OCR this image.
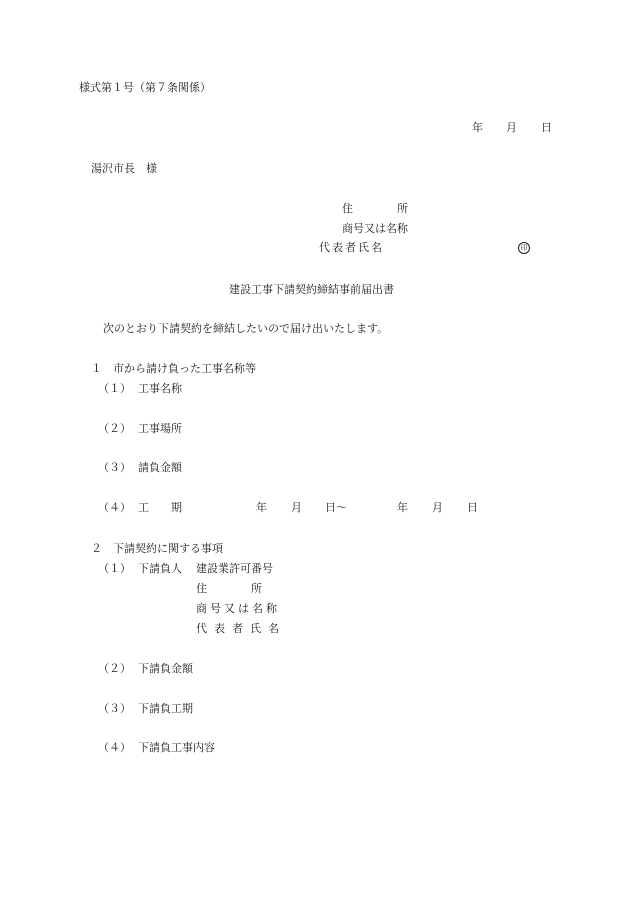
様式第１号（第７条関係）
年 月 日
湯沢市長　様
住　　　　所
商号又は名称
代表者氏名	印
建設工事下請契約締結事前届出書
次のとおり下請契約を締結したいので届け出いたします。
１　市から請け負った工事名称等
（１） 工事名称
（２） 工事場所
（３） 請負金額
（４） 工　　期	年 月 日～	年 月 日
２　下請契約に関する事項
（１） 下請負人 建設業許可番号
住　　　　所
商号又は名称
代表者氏名
（２） 下請負金額
（３） 下請負工期
（４） 下請負工事内容
